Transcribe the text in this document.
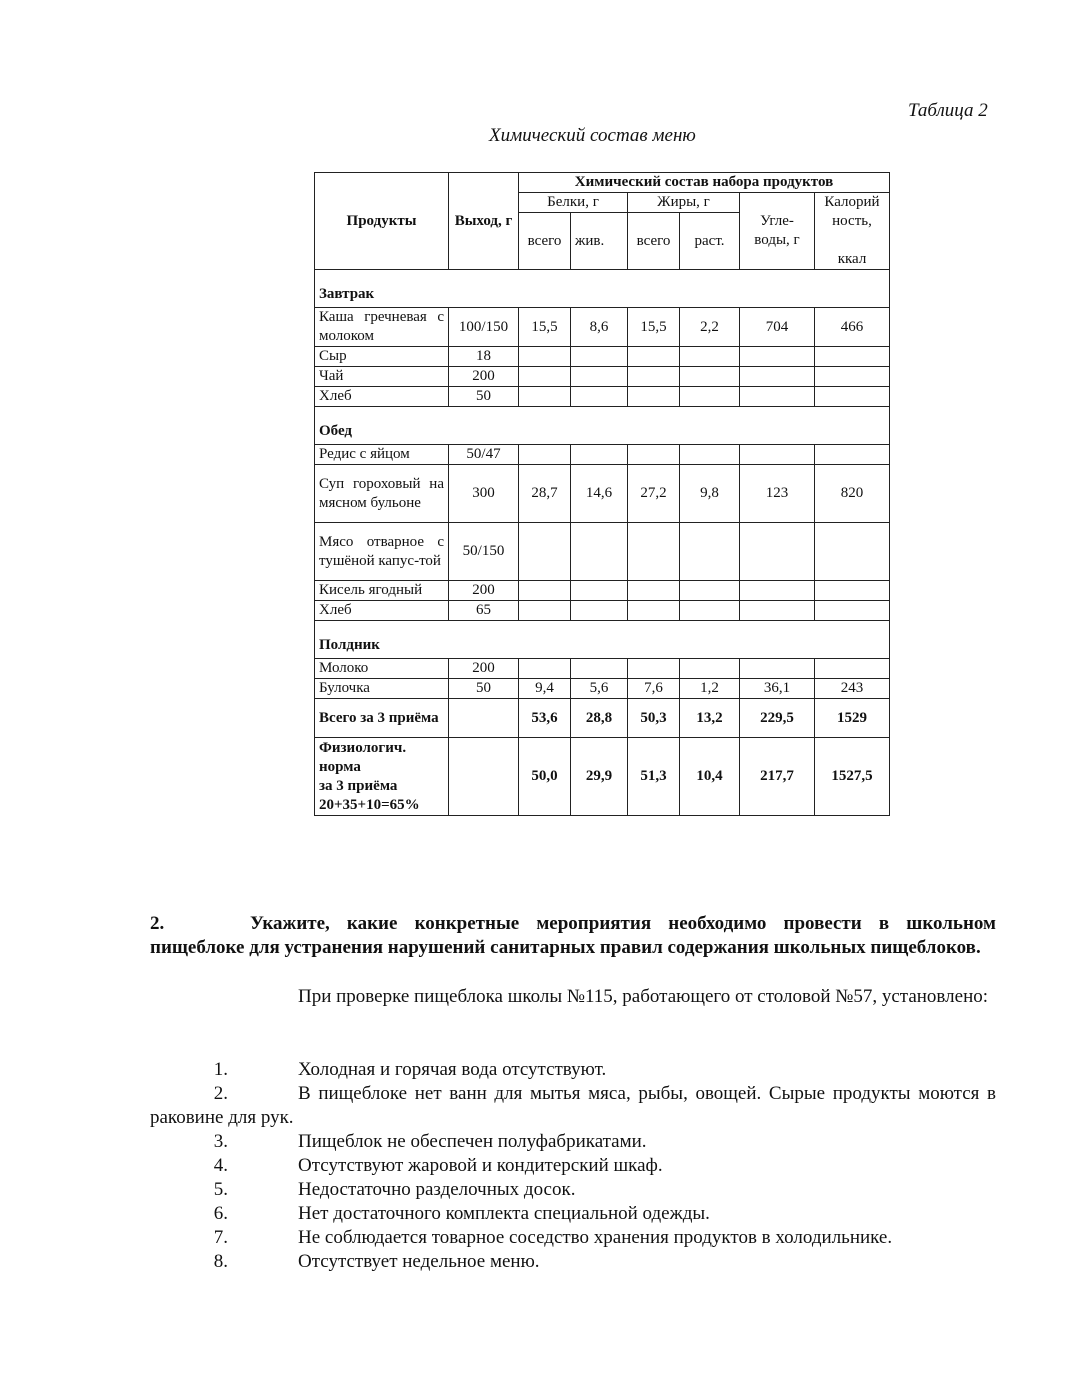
Таблица 2
Химический состав меню
Продукты	Выход, г	Химический состав набора продуктов					
		Белки, г		Жиры, г		Угле-воды, г	Калорий
ность,
ккал

		всего	жив.	всего	раст.		
Завтрак							
Каша гречневая с молоком	100/150	15,5	8,6	15,5	2,2	704	466
Сыр	18						
Чай	200						
Хлеб	50						
Обед							
Редис с яйцом	50/47						
Суп гороховый на мясном бульоне	300	28,7	14,6	27,2	9,8	123	820
Мясо отварное с тушёной капус-той	50/150						
Кисель ягодный	200						
Хлеб	65						
Полдник							
Молоко	200						
Булочка	50	9,4	5,6	7,6	1,2	36,1	243
Всего за 3 приёма		53,6	28,8	50,3	13,2	229,5	1529

Физиологич.
норма
за 3 приёма
20+35+10=65%		50,0	29,9	51,3	10,4	217,7	1527,5
2.	Укажите, какие конкретные мероприятия необходимо провести в школьном пищеблоке для устранения нарушений санитарных правил содержания школьных пищеблоков.
При проверке пищеблока школы №115, работающего от столовой №57, установлено:
1.	Холодная и горячая вода отсутствуют.
2.	В пищеблоке нет ванн для мытья мяса, рыбы, овощей. Сырые продукты моются в раковине для рук.
3.	Пищеблок не обеспечен полуфабрикатами.
4.	Отсутствуют жаровой и кондитерский шкаф.
5.	Недостаточно разделочных досок.
6.	Нет достаточного комплекта специальной одежды.
7.	Не соблюдается товарное соседство хранения продуктов в холодильнике.
8.	Отсутствует недельное меню.
